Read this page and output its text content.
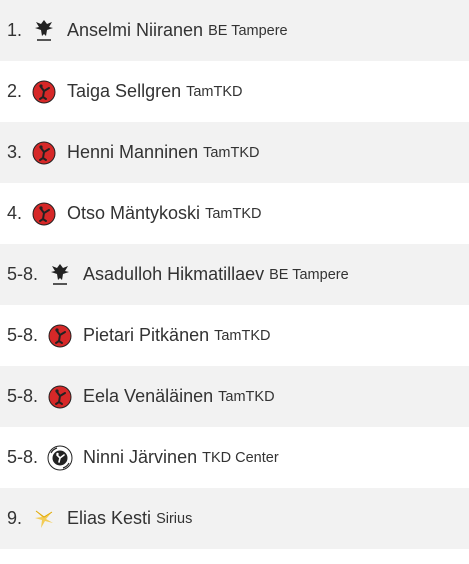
1.	Anselmi Niiranen BE Tampere
2.	Taiga Sellgren TamTKD
3.	Henni Manninen TamTKD
4.	Otso Mäntykoski TamTKD
5-8.	Asadulloh Hikmatillaev BE Tampere
5-8.	Pietari Pitkänen TamTKD
5-8.	Eela Venäläinen TamTKD
5-8.	Ninni Järvinen TKD Center
9.	Elias Kesti Sirius
